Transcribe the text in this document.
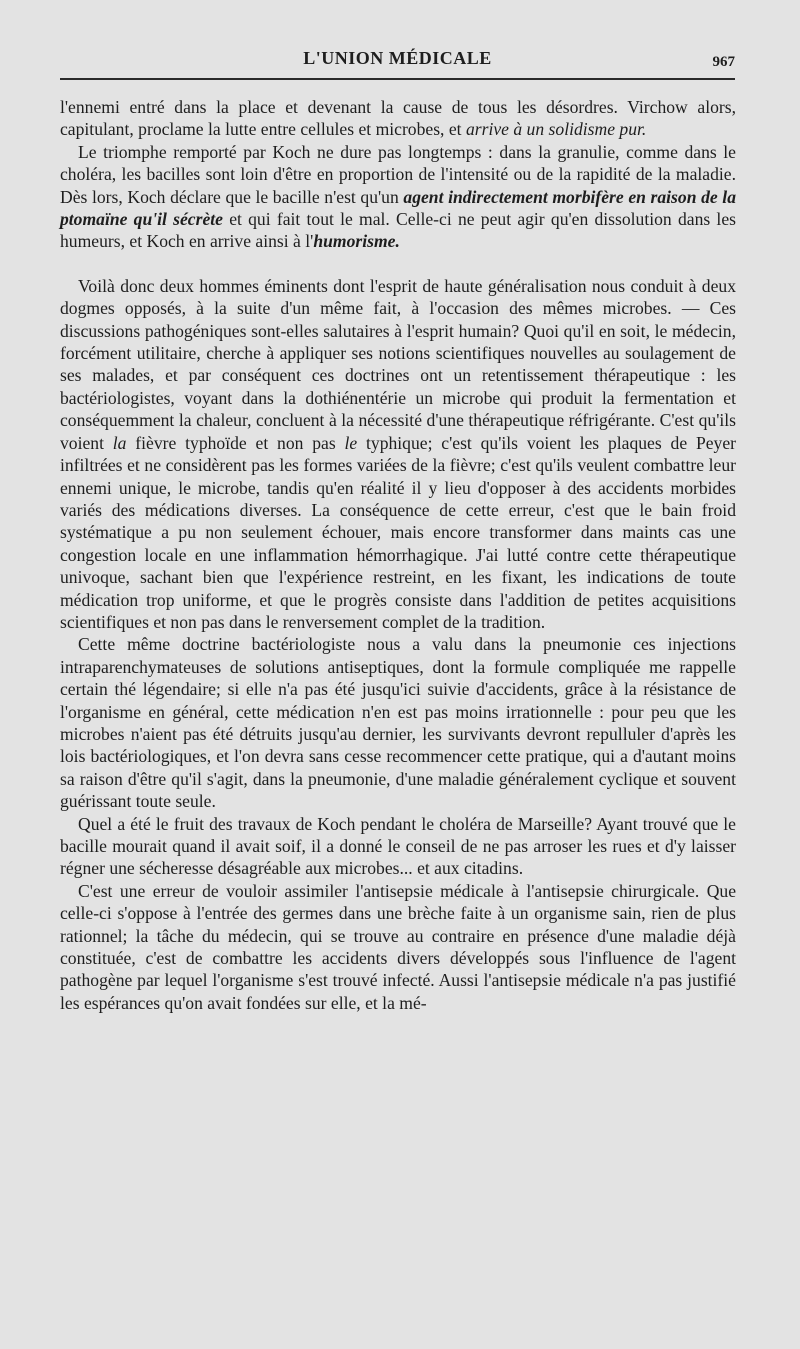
L'UNION MÉDICALE	967

l'ennemi entré dans la place et devenant la cause de tous les désordres. Virchow alors, capitulant, proclame la lutte entre cellules et microbes, et arrive à un solidisme pur.

Le triomphe remporté par Koch ne dure pas longtemps : dans la granulie, comme dans le choléra, les bacilles sont loin d'être en proportion de l'intensité ou de la rapidité de la maladie. Dès lors, Koch déclare que le bacille n'est qu'un agent indirectement morbifère en raison de la ptomaïne qu'il sécrète et qui fait tout le mal. Celle-ci ne peut agir qu'en dissolution dans les humeurs, et Koch en arrive ainsi à l'humorisme.

Voilà donc deux hommes éminents dont l'esprit de haute généralisation nous conduit à deux dogmes opposés, à la suite d'un même fait, à l'occasion des mêmes microbes. — Ces discussions pathogéniques sont-elles salutaires à l'esprit humain? Quoi qu'il en soit, le médecin, forcément utilitaire, cherche à appliquer ses notions scientifiques nouvelles au soulagement de ses malades, et par conséquent ces doctrines ont un retentissement thérapeutique : les bactériologistes, voyant dans la dothiénentérie un microbe qui produit la fermentation et conséquemment la chaleur, concluent à la nécessité d'une thérapeutique réfrigérante. C'est qu'ils voient la fièvre typhoïde et non pas le typhique; c'est qu'ils voient les plaques de Peyer infiltrées et ne considèrent pas les formes variées de la fièvre; c'est qu'ils veulent combattre leur ennemi unique, le microbe, tandis qu'en réalité il y lieu d'opposer à des accidents morbides variés des médications diverses. La conséquence de cette erreur, c'est que le bain froid systématique a pu non seulement échouer, mais encore transformer dans maints cas une congestion locale en une inflammation hémorrhagique. J'ai lutté contre cette thérapeutique univoque, sachant bien que l'expérience restreint, en les fixant, les indications de toute médication trop uniforme, et que le progrès consiste dans l'addition de petites acquisitions scientifiques et non pas dans le renversement complet de la tradition.

Cette même doctrine bactériologiste nous a valu dans la pneumonie ces injections intraparenchymateuses de solutions antiseptiques, dont la formule compliquée me rappelle certain thé légendaire; si elle n'a pas été jusqu'ici suivie d'accidents, grâce à la résistance de l'organisme en général, cette médication n'en est pas moins irrationnelle : pour peu que les microbes n'aient pas été détruits jusqu'au dernier, les survivants devront repulluler d'après les lois bactériologiques, et l'on devra sans cesse recommencer cette pratique, qui a d'autant moins sa raison d'être qu'il s'agit, dans la pneumonie, d'une maladie généralement cyclique et souvent guérissant toute seule.

Quel a été le fruit des travaux de Koch pendant le choléra de Marseille? Ayant trouvé que le bacille mourait quand il avait soif, il a donné le conseil de ne pas arroser les rues et d'y laisser régner une sécheresse désagréable aux microbes... et aux citadins.

C'est une erreur de vouloir assimiler l'antisepsie médicale à l'antisepsie chirurgicale. Que celle-ci s'oppose à l'entrée des germes dans une brèche faite à un organisme sain, rien de plus rationnel; la tâche du médecin, qui se trouve au contraire en présence d'une maladie déjà constituée, c'est de combattre les accidents divers développés sous l'influence de l'agent pathogène par lequel l'organisme s'est trouvé infecté. Aussi l'antisepsie médicale n'a pas justifié les espérances qu'on avait fondées sur elle, et la mé-
